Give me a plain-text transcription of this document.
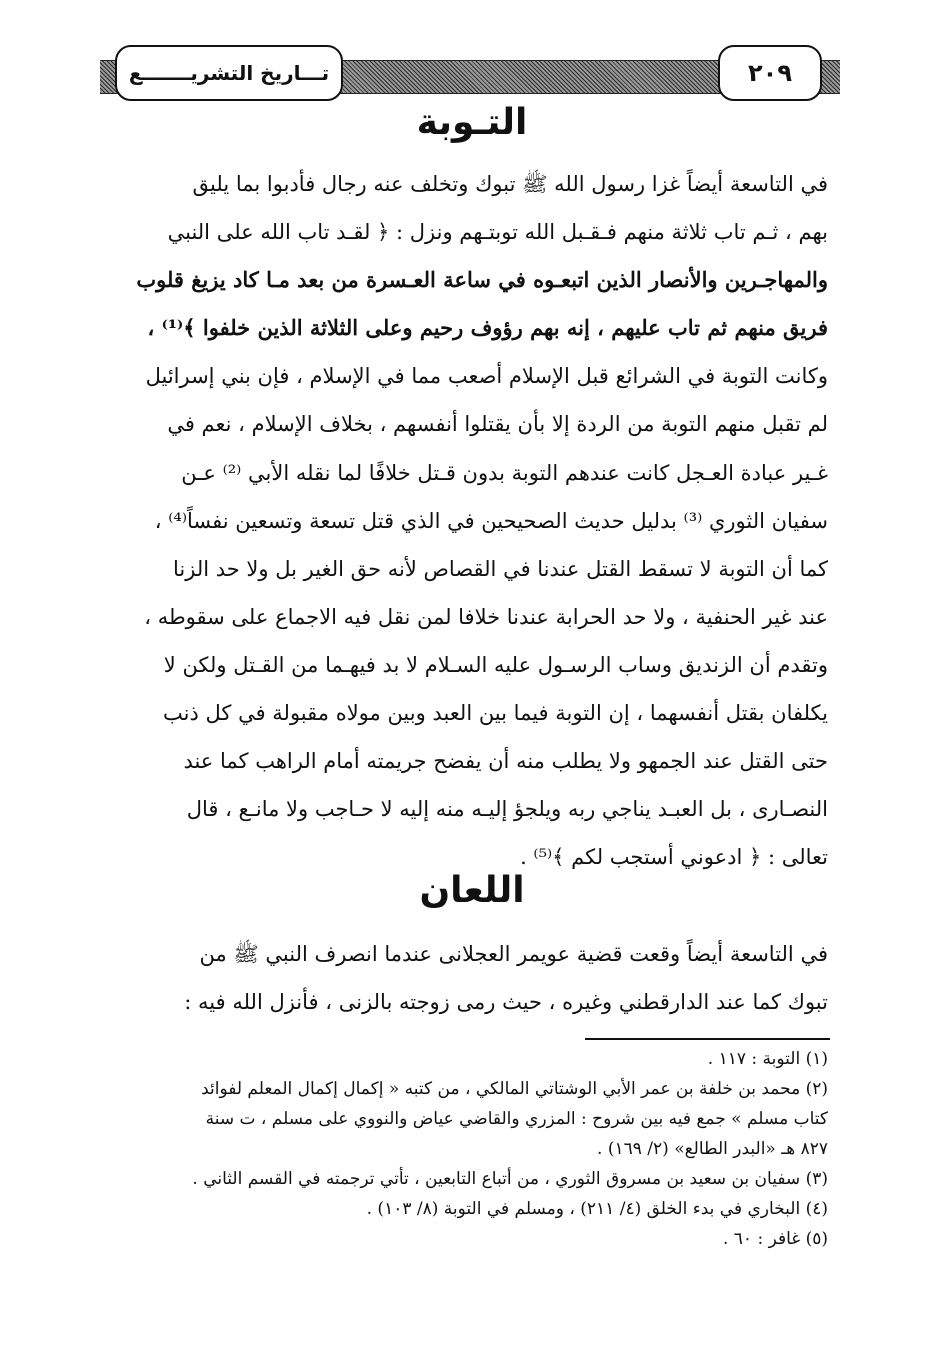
٢٠٩
تـــاريخ التشريـــــــع
التـوبة
في التاسعة أيضاً غزا رسول الله ﷺ تبوك وتخلف عنه رجال فأدبوا بما يليق
بهم ، ثـم تاب ثلاثة منهم فـقـبل الله توبتـهم ونزل : ﴿ لقـد تاب الله على النبي
والمهاجـرين والأنصار الذين اتبعـوه في ساعة العـسرة من بعد مـا كاد يزيغ قلوب
فريق منهم ثم تاب عليهم ، إنه بهم رؤوف رحيم وعلى الثلاثة الذين خلفوا ﴾⁽¹⁾ ،
وكانت التوبة في الشرائع قبل الإسلام أصعب مما في الإسلام ، فإن بني إسرائيل
لم تقبل منهم التوبة من الردة إلا بأن يقتلوا أنفسهم ، بخلاف الإسلام ، نعم في
غـير عبادة العـجل كانت عندهم التوبة بدون قـتل خلافًا لما نقله الأبي ⁽²⁾ عـن
سفيان الثوري ⁽³⁾ بدليل حديث الصحيحين في الذي قتل تسعة وتسعين نفساً⁽⁴⁾ ،
كما أن التوبة لا تسقط القتل عندنا في القصاص لأنه حق الغير بل ولا حد الزنا
عند غير الحنفية ، ولا حد الحرابة عندنا خلافا لمن نقل فيه الاجماع على سقوطه ،
وتقدم أن الزنديق وساب الرسـول عليه السـلام لا بد فيهـما من القـتل ولكن لا
يكلفان بقتل أنفسهما ، إن التوبة فيما بين العبد وبين مولاه مقبولة في كل ذنب
حتى القتل عند الجمهو ولا يطلب منه أن يفضح جريمته أمام الراهب كما عند
النصـارى ، بل العبـد يناجي ربه ويلجؤ إليـه منه إليه لا حـاجب ولا مانـع ، قال
تعالى : ﴿ ادعوني أستجب لكم ﴾⁽⁵⁾ .
اللعان
في التاسعة أيضاً وقعت قضية عويمر العجلانى عندما انصرف النبي ﷺ من
تبوك كما عند الدارقطني وغيره ، حيث رمى زوجته بالزنى ، فأنزل الله فيه :
(١) التوبة : ١١٧ .
(٢) محمد بن خلفة بن عمر الأبي الوشتاتي المالكي ، من كتبه « إكمال إكمال المعلم لفوائد
كتاب مسلم » جمع فيه بين شروح : المزري والقاضي عياض والنووي على مسلم ، ت سنة
٨٢٧ هـ «البدر الطالع» (٢/ ١٦٩) .
(٣) سفيان بن سعيد بن مسروق الثوري ، من أتباع التابعين ، تأتي ترجمته في القسم الثاني .
(٤) البخاري في بدء الخلق (٤/ ٢١١) ، ومسلم في التوبة (٨/ ١٠٣) .
(٥) غافر : ٦٠ .
